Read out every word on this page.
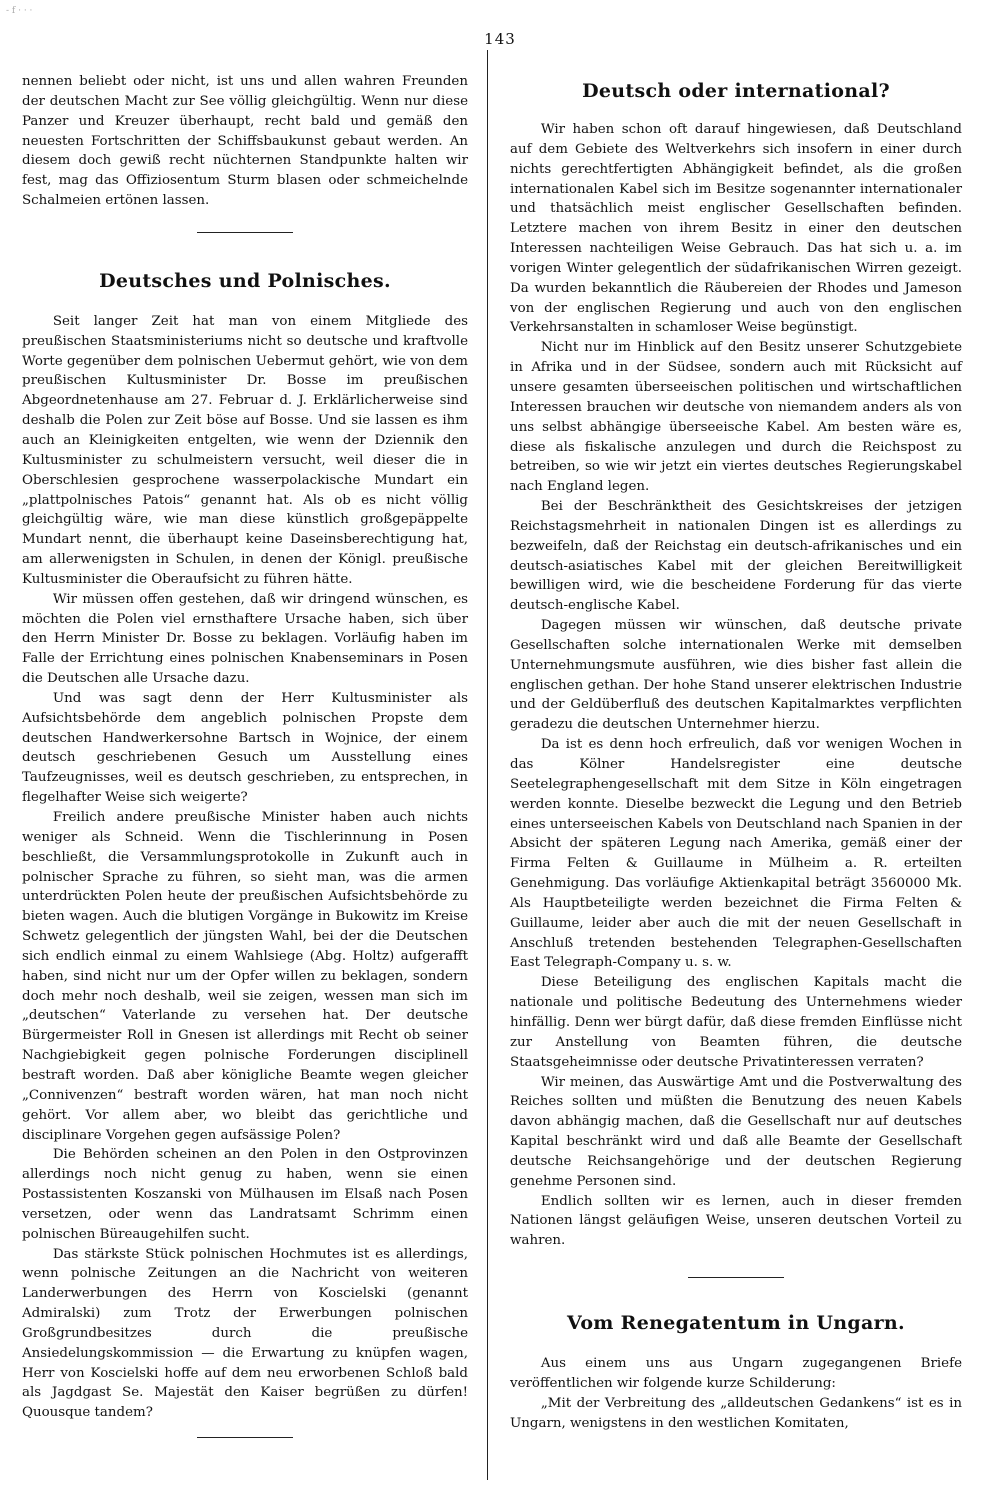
- f · · ·
143

nennen beliebt oder nicht, ist uns und allen wahren Freunden der deutschen Macht zur See völlig gleichgültig. Wenn nur diese Panzer und Kreuzer überhaupt, recht bald und gemäß den neuesten Fortschritten der Schiffsbaukunst gebaut werden. An diesem doch gewiß recht nüchternen Standpunkte halten wir fest, mag das Offiziosentum Sturm blasen oder schmeichelnde Schalmeien ertönen lassen.

Deutsches und Polnisches.

Seit langer Zeit hat man von einem Mitgliede des preußischen Staatsministeriums nicht so deutsche und kraftvolle Worte gegenüber dem polnischen Uebermut gehört, wie von dem preußischen Kultusminister Dr. Bosse im preußischen Abgeordnetenhause am 27. Februar d. J. Erklärlicherweise sind deshalb die Polen zur Zeit böse auf Bosse. Und sie lassen es ihm auch an Kleinigkeiten entgelten, wie wenn der Dziennik den Kultusminister zu schulmeistern versucht, weil dieser die in Oberschlesien gesprochene wasserpolackische Mundart ein „plattpolnisches Patois“ genannt hat. Als ob es nicht völlig gleichgültig wäre, wie man diese künstlich großgepäppelte Mundart nennt, die überhaupt keine Daseinsberechtigung hat, am allerwenigsten in Schulen, in denen der Königl. preußische Kultusminister die Oberaufsicht zu führen hätte.

Wir müssen offen gestehen, daß wir dringend wünschen, es möchten die Polen viel ernsthaftere Ursache haben, sich über den Herrn Minister Dr. Bosse zu beklagen. Vorläufig haben im Falle der Errichtung eines polnischen Knabenseminars in Posen die Deutschen alle Ursache dazu.

Und was sagt denn der Herr Kultusminister als Aufsichtsbehörde dem angeblich polnischen Propste dem deutschen Handwerkersohne Bartsch in Wojnice, der einem deutsch geschriebenen Gesuch um Ausstellung eines Taufzeugnisses, weil es deutsch geschrieben, zu entsprechen, in flegelhafter Weise sich weigerte?

Freilich andere preußische Minister haben auch nichts weniger als Schneid. Wenn die Tischlerinnung in Posen beschließt, die Versammlungsprotokolle in Zukunft auch in polnischer Sprache zu führen, so sieht man, was die armen unterdrückten Polen heute der preußischen Aufsichtsbehörde zu bieten wagen. Auch die blutigen Vorgänge in Bukowitz im Kreise Schwetz gelegentlich der jüngsten Wahl, bei der die Deutschen sich endlich einmal zu einem Wahlsiege (Abg. Holtz) aufgerafft haben, sind nicht nur um der Opfer willen zu beklagen, sondern doch mehr noch deshalb, weil sie zeigen, wessen man sich im „deutschen“ Vaterlande zu versehen hat. Der deutsche Bürgermeister Roll in Gnesen ist allerdings mit Recht ob seiner Nachgiebigkeit gegen polnische Forderungen disciplinell bestraft worden. Daß aber königliche Beamte wegen gleicher „Connivenzen“ bestraft worden wären, hat man noch nicht gehört. Vor allem aber, wo bleibt das gerichtliche und disciplinare Vorgehen gegen aufsässige Polen?

Die Behörden scheinen an den Polen in den Ostprovinzen allerdings noch nicht genug zu haben, wenn sie einen Postassistenten Koszanski von Mülhausen im Elsaß nach Posen versetzen, oder wenn das Landratsamt Schrimm einen polnischen Büreaugehilfen sucht.

Das stärkste Stück polnischen Hochmutes ist es allerdings, wenn polnische Zeitungen an die Nachricht von weiteren Landerwerbungen des Herrn von Koscielski (genannt Admiralski) zum Trotz der Erwerbungen polnischen Großgrundbesitzes durch die preußische Ansiedelungskommission — die Erwartung zu knüpfen wagen, Herr von Koscielski hoffe auf dem neu erworbenen Schloß bald als Jagdgast Se. Majestät den Kaiser begrüßen zu dürfen! Quousque tandem?

Deutsch oder international?

Wir haben schon oft darauf hingewiesen, daß Deutschland auf dem Gebiete des Weltverkehrs sich insofern in einer durch nichts gerechtfertigten Abhängigkeit befindet, als die großen internationalen Kabel sich im Besitze sogenannter internationaler und thatsächlich meist englischer Gesellschaften befinden. Letztere machen von ihrem Besitz in einer den deutschen Interessen nachteiligen Weise Gebrauch. Das hat sich u. a. im vorigen Winter gelegentlich der südafrikanischen Wirren gezeigt. Da wurden bekanntlich die Räubereien der Rhodes und Jameson von der englischen Regierung und auch von den englischen Verkehrsanstalten in schamloser Weise begünstigt.

Nicht nur im Hinblick auf den Besitz unserer Schutzgebiete in Afrika und in der Südsee, sondern auch mit Rücksicht auf unsere gesamten überseeischen politischen und wirtschaftlichen Interessen brauchen wir deutsche von niemandem anders als von uns selbst abhängige überseeische Kabel. Am besten wäre es, diese als fiskalische anzulegen und durch die Reichspost zu betreiben, so wie wir jetzt ein viertes deutsches Regierungskabel nach England legen.

Bei der Beschränktheit des Gesichtskreises der jetzigen Reichstagsmehrheit in nationalen Dingen ist es allerdings zu bezweifeln, daß der Reichstag ein deutsch-afrikanisches und ein deutsch-asiatisches Kabel mit der gleichen Bereitwilligkeit bewilligen wird, wie die bescheidene Forderung für das vierte deutsch-englische Kabel.

Dagegen müssen wir wünschen, daß deutsche private Gesellschaften solche internationalen Werke mit demselben Unternehmungsmute ausführen, wie dies bisher fast allein die englischen gethan. Der hohe Stand unserer elektrischen Industrie und der Geldüberfluß des deutschen Kapitalmarktes verpflichten geradezu die deutschen Unternehmer hierzu.

Da ist es denn hoch erfreulich, daß vor wenigen Wochen in das Kölner Handelsregister eine deutsche Seetelegraphengesellschaft mit dem Sitze in Köln eingetragen werden konnte. Dieselbe bezweckt die Legung und den Betrieb eines unterseeischen Kabels von Deutschland nach Spanien in der Absicht der späteren Legung nach Amerika, gemäß einer der Firma Felten & Guillaume in Mülheim a. R. erteilten Genehmigung. Das vorläufige Aktienkapital beträgt 3560000 Mk. Als Hauptbeteiligte werden bezeichnet die Firma Felten & Guillaume, leider aber auch die mit der neuen Gesellschaft in Anschluß tretenden bestehenden Telegraphen-Gesellschaften East Telegraph-Company u. s. w.

Diese Beteiligung des englischen Kapitals macht die nationale und politische Bedeutung des Unternehmens wieder hinfällig. Denn wer bürgt dafür, daß diese fremden Einflüsse nicht zur Anstellung von Beamten führen, die deutsche Staatsgeheimnisse oder deutsche Privatinteressen verraten?

Wir meinen, das Auswärtige Amt und die Postverwaltung des Reiches sollten und müßten die Benutzung des neuen Kabels davon abhängig machen, daß die Gesellschaft nur auf deutsches Kapital beschränkt wird und daß alle Beamte der Gesellschaft deutsche Reichsangehörige und der deutschen Regierung genehme Personen sind.

Endlich sollten wir es lernen, auch in dieser fremden Nationen längst geläufigen Weise, unseren deutschen Vorteil zu wahren.

Vom Renegatentum in Ungarn.

Aus einem uns aus Ungarn zugegangenen Briefe veröffentlichen wir folgende kurze Schilderung:

„Mit der Verbreitung des „alldeutschen Gedankens“ ist es in Ungarn, wenigstens in den westlichen Komitaten,
